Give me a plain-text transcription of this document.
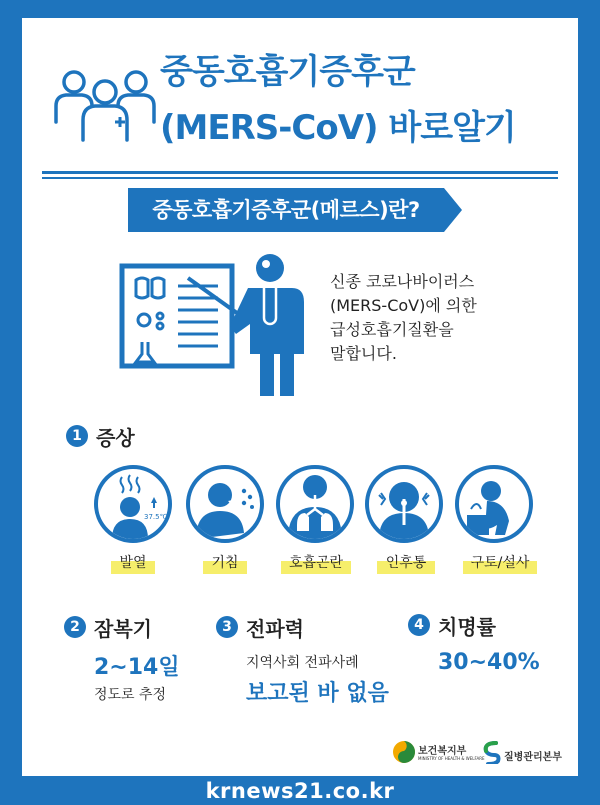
중동호흡기증후군
(MERS-CoV) 바로알기
중동호흡기증후군(메르스)란?
신종 코로나바이러스
(MERS-CoV)에 의한
급성호흡기질환을
말합니다.
1 증상
37.5℃
발열	기침	호흡곤란	인후통	구토/설사
2 잠복기
2~14일
정도로 추정
3 전파력
지역사회 전파사례
보고된 바 없음
4 치명률
30~40%
보건복지부
MINISTRY OF HEALTH & WELFARE 질병관리본부
krnews21.co.kr
